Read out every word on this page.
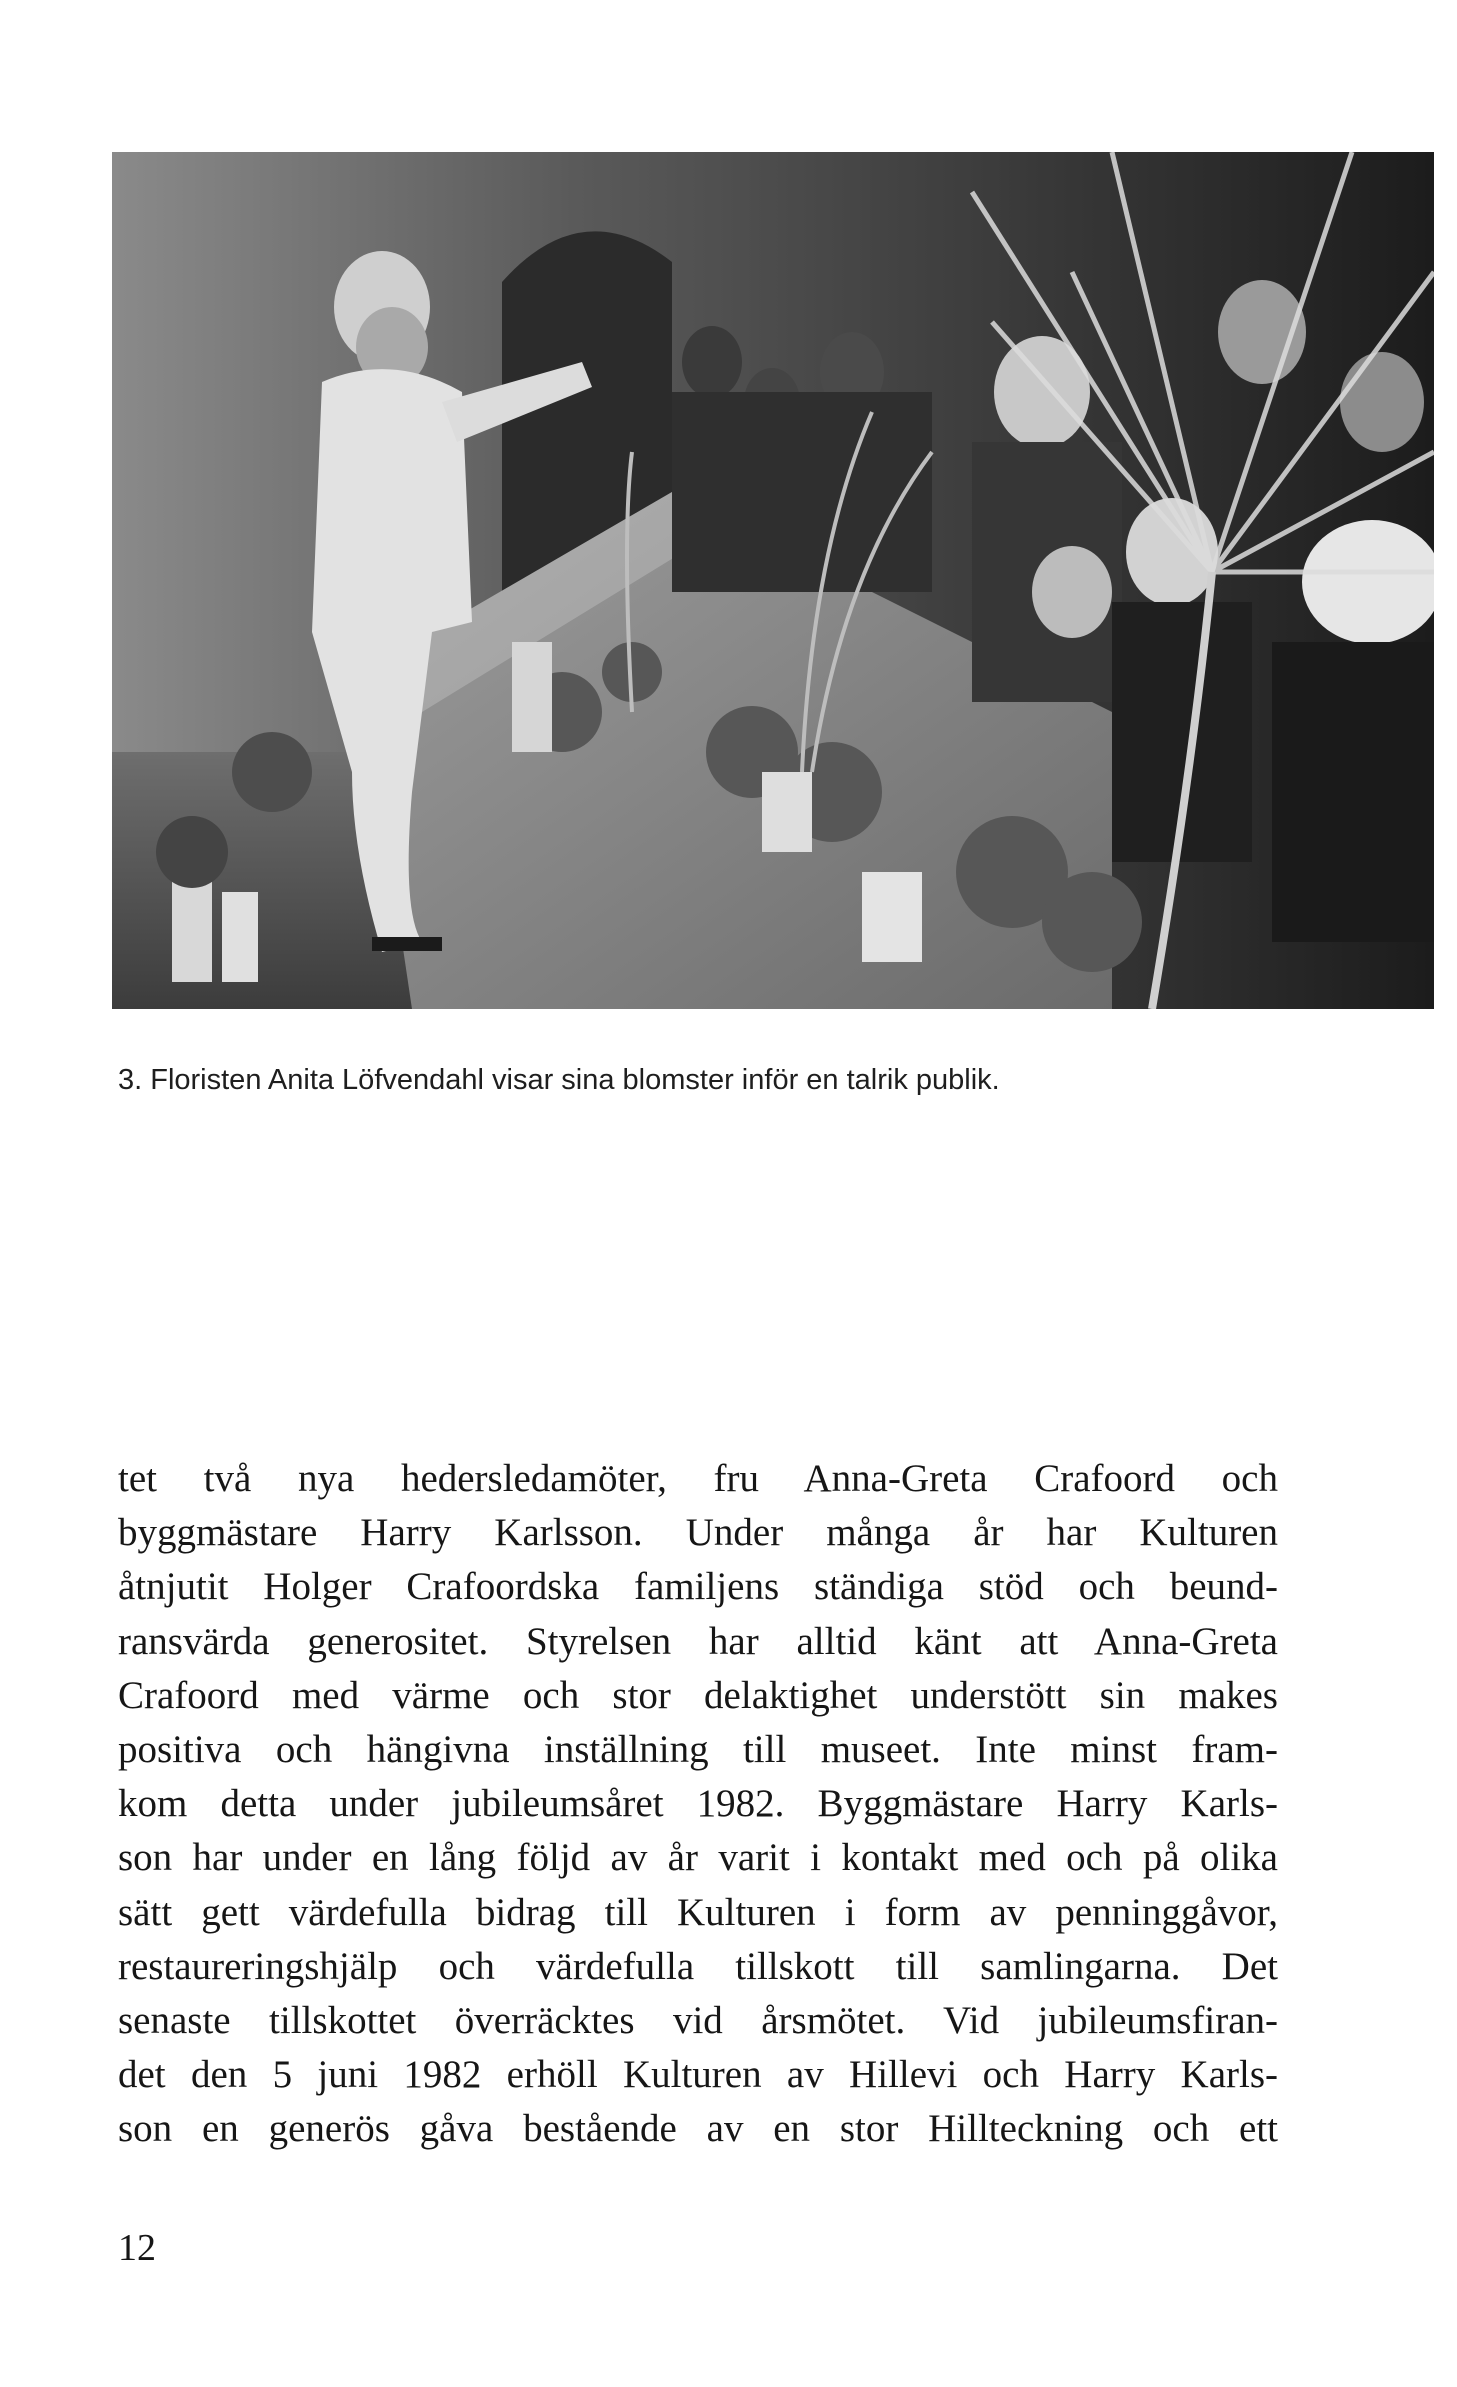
3. Floristen Anita Löfvendahl visar sina blomster inför en talrik publik.
tet två nya hedersledamöter, fru Anna-Greta Crafoord och
byggmästare Harry Karlsson. Under många år har Kulturen
åtnjutit Holger Crafoordska familjens ständiga stöd och beund-
ransvärda generositet. Styrelsen har alltid känt att Anna-Greta
Crafoord med värme och stor delaktighet understött sin makes
positiva och hängivna inställning till museet. Inte minst fram-
kom detta under jubileumsåret 1982. Byggmästare Harry Karls-
son har under en lång följd av år varit i kontakt med och på olika
sätt gett värdefulla bidrag till Kulturen i form av penninggåvor,
restaureringshjälp och värdefulla tillskott till samlingarna. Det
senaste tillskottet överräcktes vid årsmötet. Vid jubileumsfiran-
det den 5 juni 1982 erhöll Kulturen av Hillevi och Harry Karls-
son en generös gåva bestående av en stor Hillteckning och ett
12
